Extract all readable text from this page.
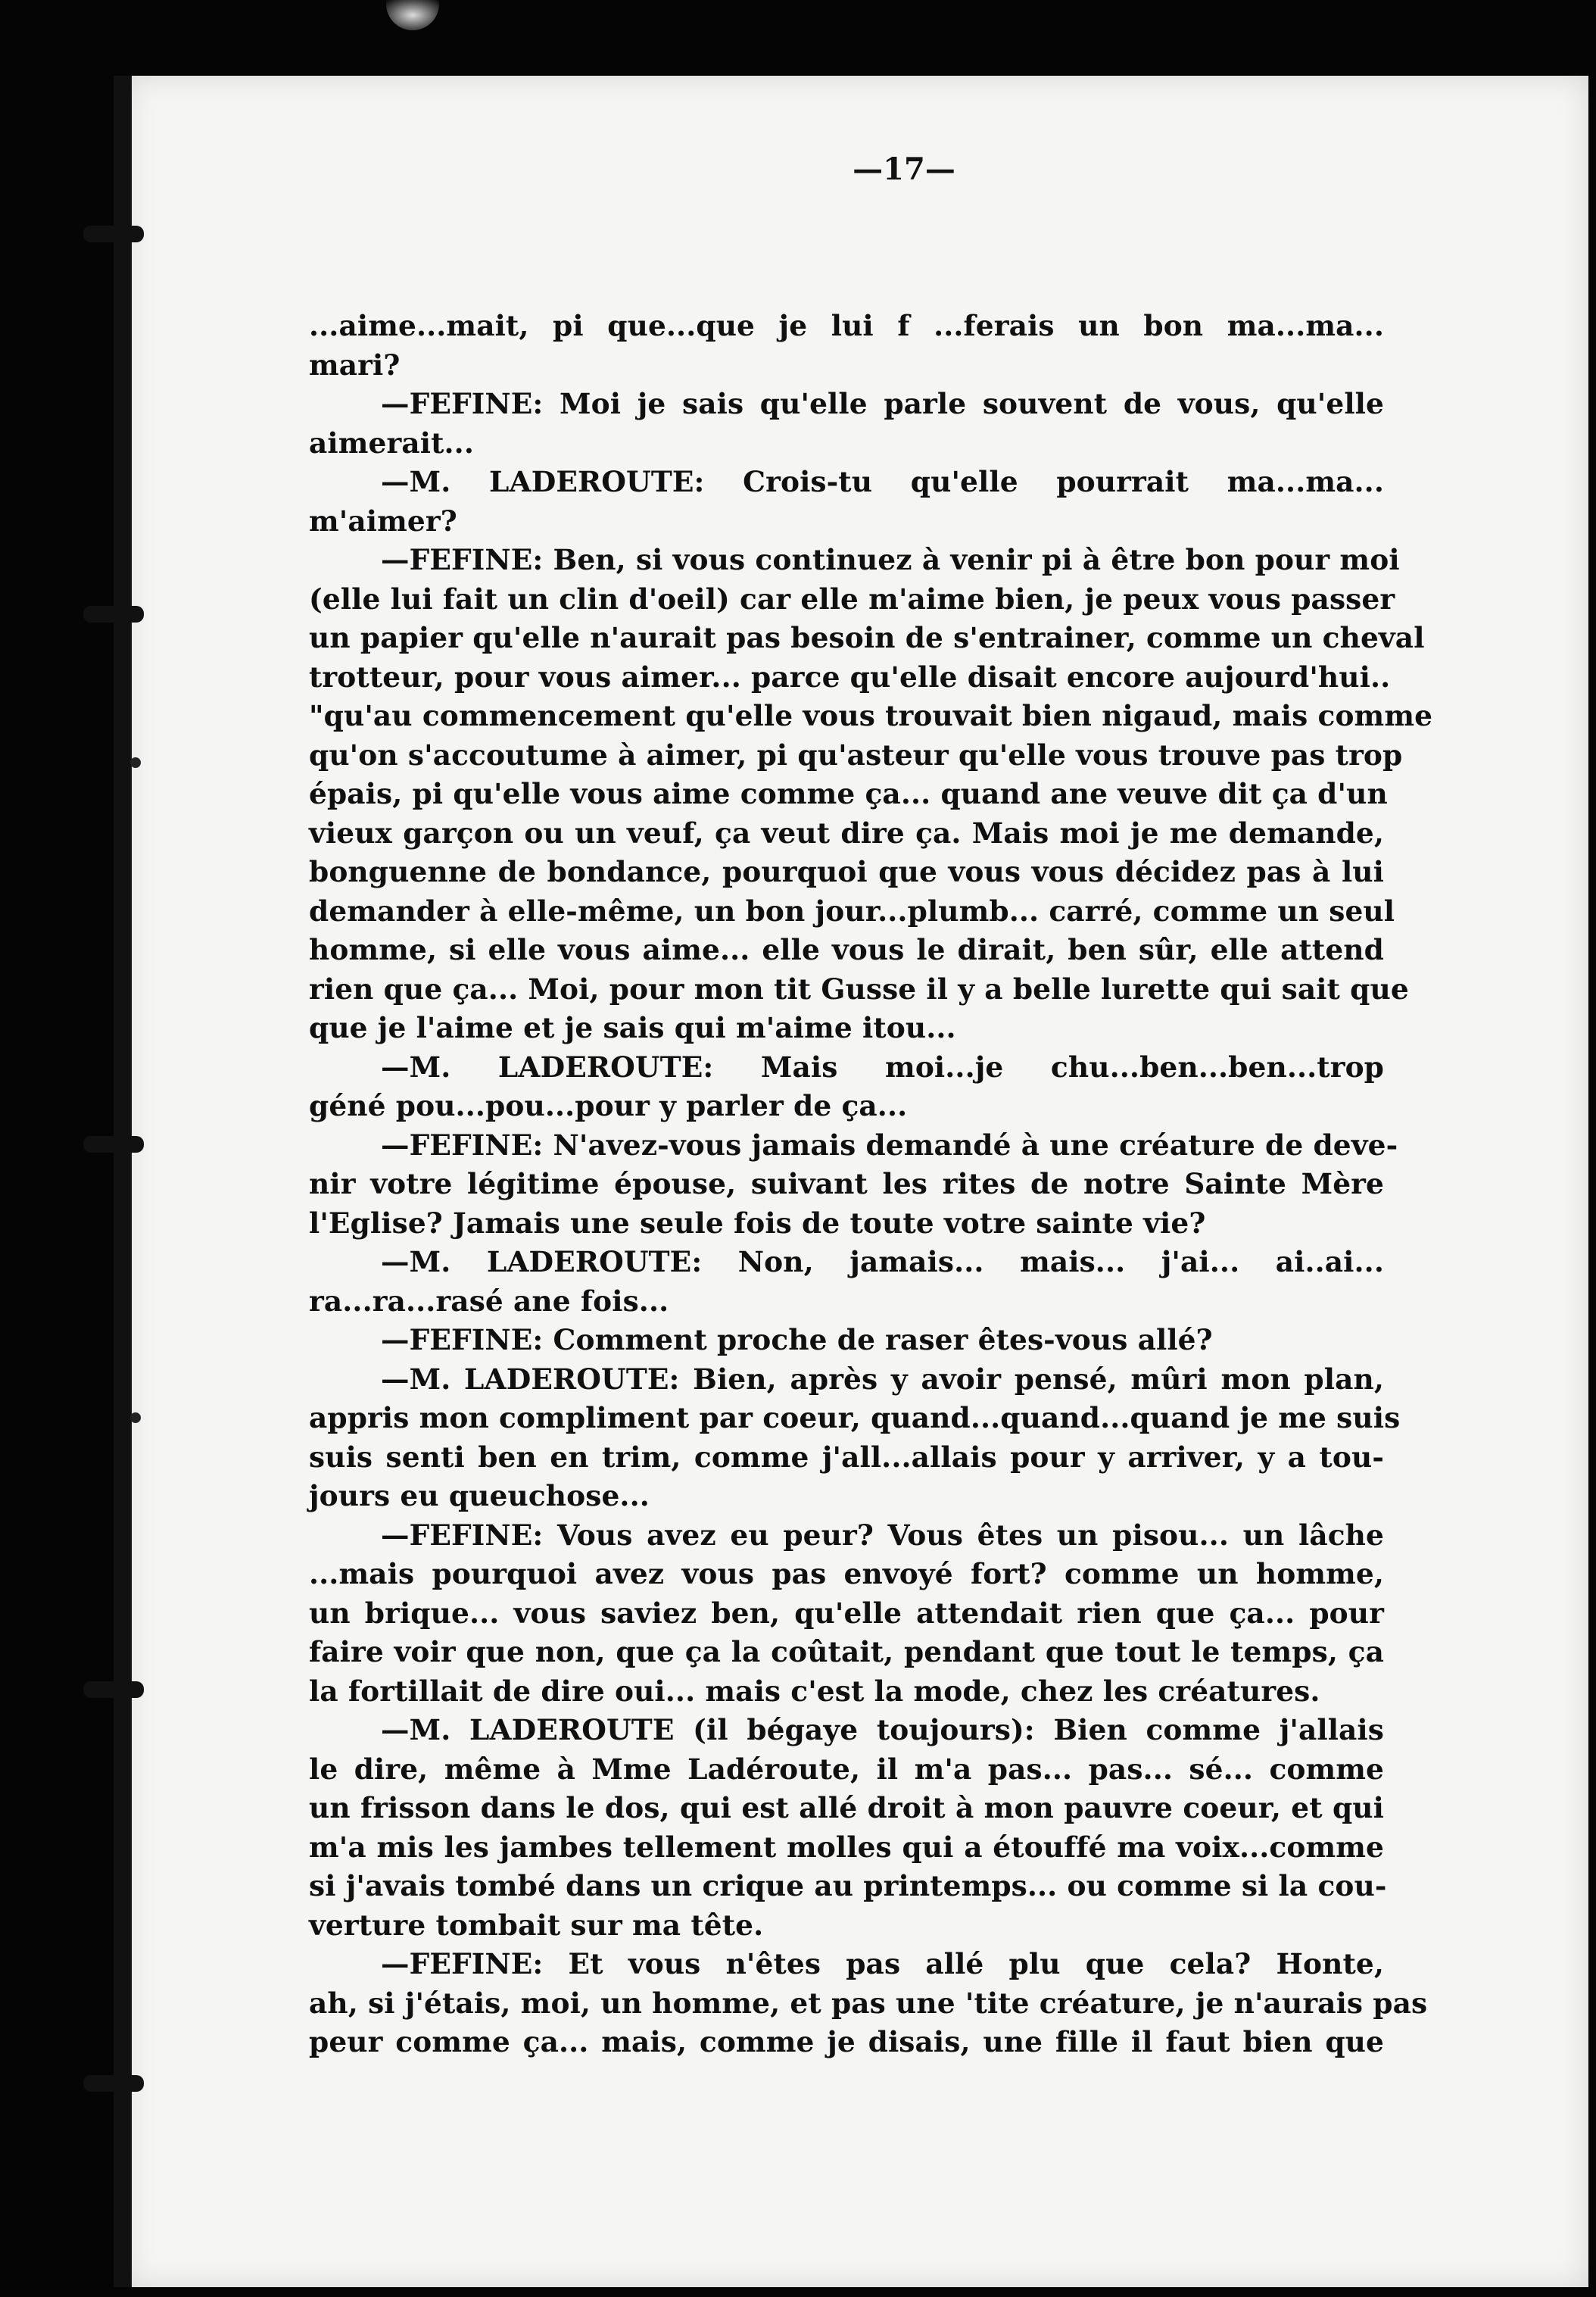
—17—
...aime...mait, pi que...que je lui f ...ferais un bon ma...ma...
mari?
—FEFINE: Moi je sais qu'elle parle souvent de vous, qu'elle
aimerait...
—M. LADEROUTE: Crois-tu qu'elle pourrait ma...ma...
m'aimer?
—FEFINE: Ben, si vous continuez à venir pi à être bon pour moi
(elle lui fait un clin d'oeil) car elle m'aime bien, je peux vous passer
un papier qu'elle n'aurait pas besoin de s'entrainer, comme un cheval
trotteur, pour vous aimer... parce qu'elle disait encore aujourd'hui..
"qu'au commencement qu'elle vous trouvait bien nigaud, mais comme
qu'on s'accoutume à aimer, pi qu'asteur qu'elle vous trouve pas trop
épais, pi qu'elle vous aime comme ça... quand ane veuve dit ça d'un
vieux garçon ou un veuf, ça veut dire ça. Mais moi je me demande,
bonguenne de bondance, pourquoi que vous vous décidez pas à lui
demander à elle-même, un bon jour...plumb... carré, comme un seul
homme, si elle vous aime... elle vous le dirait, ben sûr, elle attend
rien que ça... Moi, pour mon tit Gusse il y a belle lurette qui sait que
que je l'aime et je sais qui m'aime itou...
—M. LADEROUTE: Mais moi...je chu...ben...ben...trop
géné pou...pou...pour y parler de ça...
—FEFINE: N'avez-vous jamais demandé à une créature de deve-
nir votre légitime épouse, suivant les rites de notre Sainte Mère
l'Eglise? Jamais une seule fois de toute votre sainte vie?
—M. LADEROUTE: Non, jamais... mais... j'ai... ai..ai...
ra...ra...rasé ane fois...
—FEFINE: Comment proche de raser êtes-vous allé?
—M. LADEROUTE: Bien, après y avoir pensé, mûri mon plan,
appris mon compliment par coeur, quand...quand...quand je me suis
suis senti ben en trim, comme j'all...allais pour y arriver, y a tou-
jours eu queuchose...
—FEFINE: Vous avez eu peur? Vous êtes un pisou... un lâche
...mais pourquoi avez vous pas envoyé fort? comme un homme,
un brique... vous saviez ben, qu'elle attendait rien que ça... pour
faire voir que non, que ça la coûtait, pendant que tout le temps, ça
la fortillait de dire oui... mais c'est la mode, chez les créatures.
—M. LADEROUTE (il bégaye toujours): Bien comme j'allais
le dire, même à Mme Ladéroute, il m'a pas... pas... sé... comme
un frisson dans le dos, qui est allé droit à mon pauvre coeur, et qui
m'a mis les jambes tellement molles qui a étouffé ma voix...comme
si j'avais tombé dans un crique au printemps... ou comme si la cou-
verture tombait sur ma tête.
—FEFINE: Et vous n'êtes pas allé plu que cela? Honte,
ah, si j'étais, moi, un homme, et pas une 'tite créature, je n'aurais pas
peur comme ça... mais, comme je disais, une fille il faut bien que
